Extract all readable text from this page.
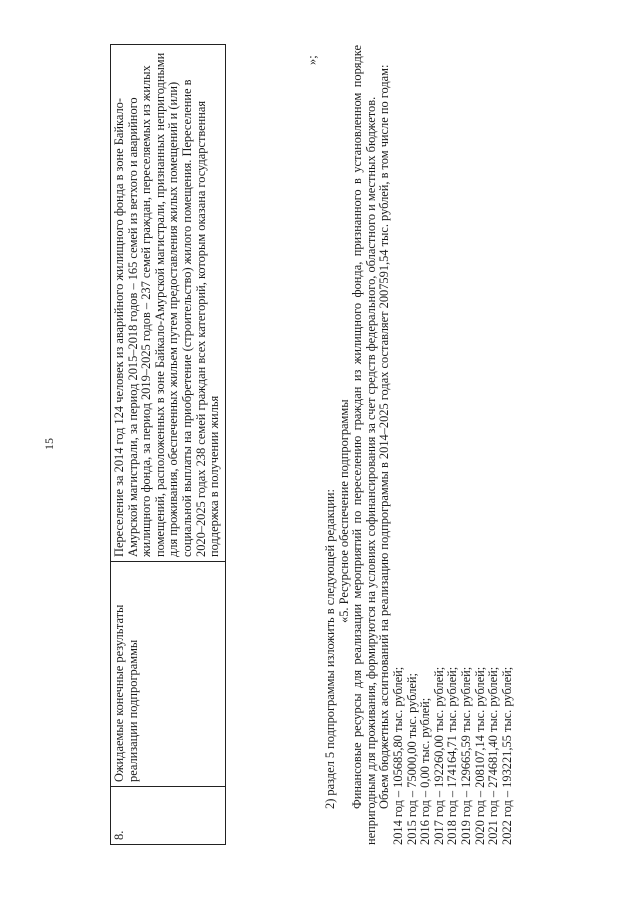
15
8.	Ожидаемые конечные результаты реализации подпрограммы	Переселение за 2014 год 124 человек из аварийного жилищного фонда в зоне Байкало-Амурской магистрали, за период 2015–2018 годов – 165 семей из ветхого и аварийного жилищного фонда, за период 2019–2025 годов – 237 семей граждан, переселяемых из жилых помещений, расположенных в зоне Байкало-Амурской магистрали, признанных непригодными для проживания, обеспеченных жильем путем предоставления жилых помещений и (или) социальной выплаты на приобретение (строительство) жилого помещения. Переселение в 2020–2025 годах 238 семей граждан всех категорий, которым оказана государственная поддержка в получении жилья
»;

2) раздел 5 подпрограммы изложить в следующей редакции: «5. Ресурсное обеспечение подпрограммы Финансовые ресурсы для реализации мероприятий по переселению граждан из жилищного фонда, признанного в установленном порядке непригодным для проживания, формируются на условиях софинансирования за счет средств федерального, областного и местных бюджетов. Объем бюджетных ассигнований на реализацию подпрограммы в 2014–2025 годах составляет 2007591,54 тыс. рублей, в том числе по годам: 2014 год – 105685,80 тыс. рублей; 2015 год – 75000,00 тыс. рублей; 2016 год – 0,00 тыс. рублей; 2017 год – 192260,00 тыс. рублей; 2018 год – 174164,71 тыс. рублей; 2019 год – 129665,59 тыс. рублей; 2020 год – 208107,14 тыс. рублей; 2021 год – 274681,40 тыс. рублей; 2022 год – 193221,55 тыс. рублей;
